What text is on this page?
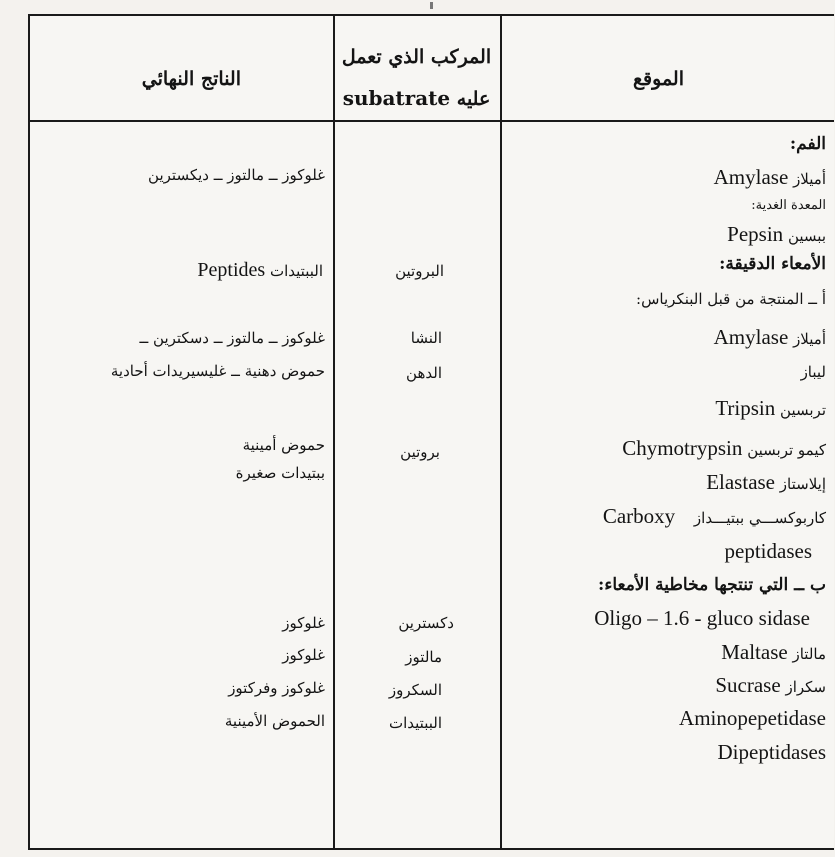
الموقع
الفم:
أميلاز Amylase
المعدة الغدية:
ببسين Pepsin
الأمعاء الدقيقة:
أ ــ المنتجة من قبل البنكرياس:
أميلاز Amylase
ليباز
تربسين Tripsin
كيمو تربسين Chymotrypsin
إيلاستاز Elastase
كاربوكســـي ببتيـــداز Carboxy
peptidases
ب ــ التي تنتجها مخاطية الأمعاء:
Oligo – 1.6 - gluco sidase
مالتاز Maltase
سكراز Sucrase
Aminopepetidase
Dipeptidases
المركب الذي تعمل
عليه subatrate
البروتين
النشا
الدهن
بروتين
دكسترين
مالتوز
السكروز
الببتيدات
الناتج النهائي
غلوكوز ــ مالتوز ــ ديكسترين
الببتيدات Peptides
غلوكوز ــ مالتوز ــ دسكترين ــ
حموض دهنية ــ غليسيريدات أحادية
حموض أمينية
ببتيدات صغيرة
غلوكوز
غلوكوز
غلوكوز وفركتوز
الحموض الأمينية
